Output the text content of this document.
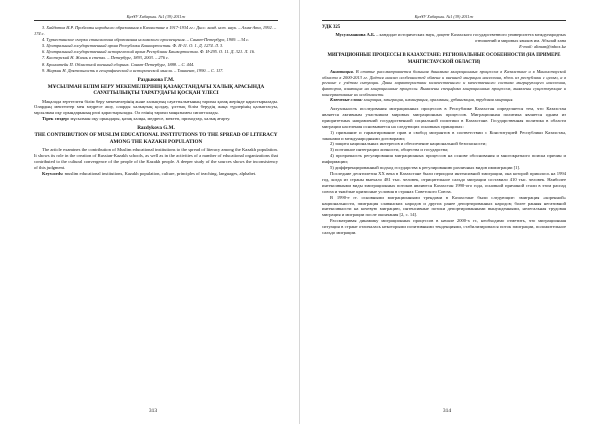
ҚазҰУ Хабаршы. №1 (39) 2011ж

3. Хайдатов И.Р. Проблемы народного образования в Казахстане в 1917-1934 гг.: Дисс. канд. ист. наук. – Алма-Ата, 1992. – 174 с.

4. Туркестанское очерки становления образования исламского просвещения. – Санкт-Петербург, 1909. – 34 с.

5. Центральный государственный архив Республики Башкортостан. Ф. И-11. О. 1. Д. 1274. Л. 3.

6. Центральный государственный исторический архив Республики Башкортостан. Ф. И-295. О. 11. Д. 321. Л. 16.

7. Кастерский Н. Жизнь в степях. – Петербург, 1893, 2003. – 276 с.

8. Бронштейн П. Областной военный сборник. Санкт-Петербург, 1888. – С. 444.

9. Жаркин Н. Деятельность в географической и исторической мысли. – Ташкент, 1990. – С. 117.

Раздыкова Г.М.
МҰСЫЛМАН БІЛІМ БЕРУ МЕКЕМЕЛЕРІНІҢ ҚАЗАҚСТАНДАҒЫ ХАЛЫҚ АРАСЫНДА САУАТТЫЛЫҚТЫ ТАРАТУДАҒЫ ҚОСҚАН ҮЛЕСІ

Мақалада зерттелген білім беру мекемелерінің және халықтың сауаттылығының тарихы қазақ жерінде қарастырылады. Олардың мектептер мен медресе ашу, оларды халықтың қолдау, ұлттық білім берудің жаңа түрлерінің қалыптасуы, мұсылман оқу орындарының рөлі қарастырылады. Ол өзінің тарихи маңызымен сипатталады.

Тірек сөздер: мұсылман оқу орындары, қазақ халқы, медресе, мектеп, приходтар, халық ағарту.

Razdykova G.M.
THE CONTRIBUTION OF MUSLIM EDUCATIONAL INSTITUTIONS TO THE SPREAD OF LITERACY AMONG THE KAZAKH POPULATION

The article examines the contribution of Muslim educational institutions to the spread of literacy among the Kazakh population. It shows its role in the creation of Russian-Kazakh schools, as well as in the activities of a number of educational organizations that contributed to the cultural convergence of the people of the Kazakh people. A deeper study of the sources shows the inconsistency of this judgment.

Keywords: muslim educational institutions, Kazakh population, culture, principles of teaching, languages, alphabet.

313
ҚазҰУ Хабаршы. №1 (39) 2011ж
УДК 325
Мусульманова А.Б. – кандидат исторических наук, доцент Казахского государственного университета международных отношений и мировых языков им. Абылай хана
E-mail: aliman@inbox.kz
МИГРАЦИОННЫЕ ПРОЦЕССЫ В КАЗАХСТАНЕ: РЕГИОНАЛЬНЫЕ ОСОБЕННОСТИ (НА ПРИМЕРЕ МАНГИСТАУСКОЙ ОБЛАСТИ)

Аннотация. В статье рассматривается большая динамика миграционных процессов в Казахстане и в Мангистауской области в 2000-2013 гг. Даётся анализ особенностей обмена и внешней миграции населения, здесь из республики с целью, а в регионе с учётом ситуации. Даны характеристики количественного и качественного состава мигрирующего населения, факторов, влияющих на миграционные процессы. Выявлены специфика миграционных процессов, выявлены существующие и консервативные их особенности.

Ключевые слова: миграция, эмиграция, иммиграция, оралманы, урбанизация, трудовая миграция.

Актуальность исследования миграционных процессов в Республике Казахстан определяется тем, что Казахстан является активным участником мировых миграционных процессов. Миграционная политика является одним из приоритетных направлений государственной социальной политики в Казахстане. Государственная политика в области миграции населения основывается на следующих основных принципах:

1) признание и гарантирование прав и свобод мигрантов в соответствии с Конституцией Республики Казахстан, законами и международными договорами;

2) защита национальных интересов и обеспечение национальной безопасности;

3) поэтапное интеграции личности, общества и государства;

4) прозрачность регулирования миграционных процессов на основе обоснования и многократного поиска причин и информации;

5) дифференцированный подход государства к регулированию различных видов иммиграции [1].

Последние десятилетия XX века в Казахстане были периодом интенсивной эмиграции, она которой пришлось на 1994 год, когда из страны выехало 481 тыс. человек, отрицательное сальдо миграции составило 410 тыс. человек. Наиболее интенсивными виды эмиграционных потоков являются Казахстан 1990-ого года, основной причиной стали в этом распад союза и тяжёлые кризисные условия в странах Советского Союза.

В 1990-е гг. основными миграционными трендами в Казахстане были следующие: эмиграция «коренной» национальности, эмиграция славянских народов и других ранее депортированных народов; более ранняя негативной интенсивности на кочевую миграцию, интенсивные потоки депортированными вынужденными, нелегальная трудовая миграция и миграции после окончания [2, с. 14].

Рассматривая динамику миграционных процессов в начале 2000-х гг., необходимо отметить, что миграционная ситуация в стране отличалась некоторыми позитивными тенденциями, стабилизировался поток эмиграции, положительное сальдо миграции.

314
